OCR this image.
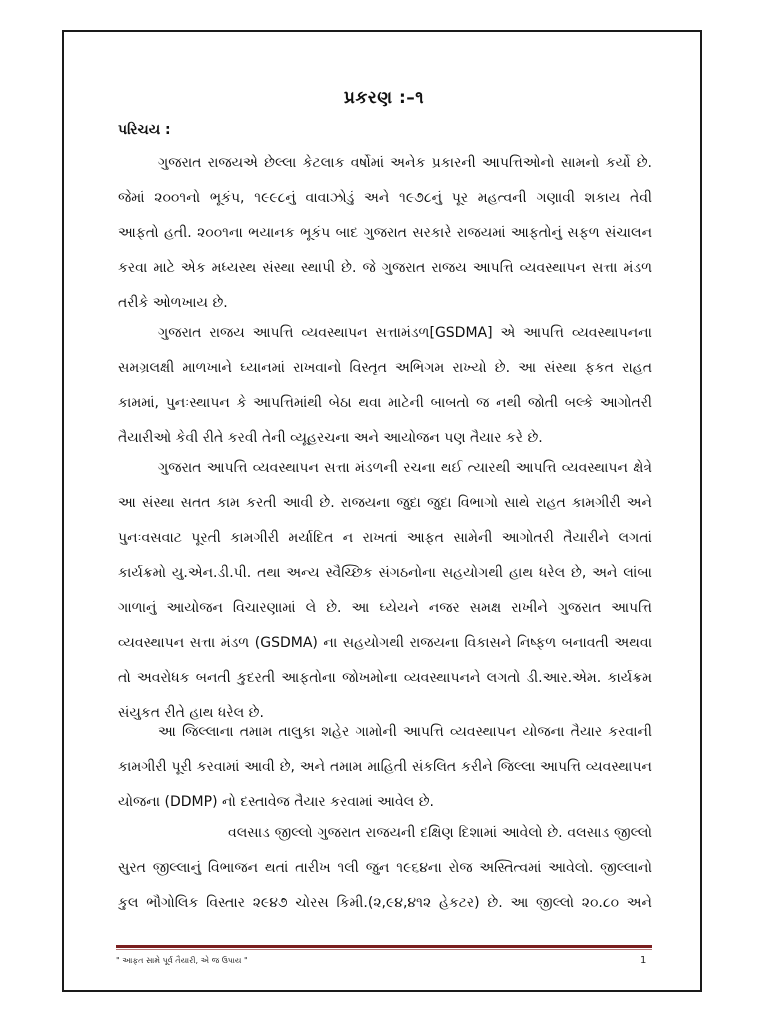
પ્રકરણ :–૧
પરિચય :
ગુજરાત રાજયએ છેલ્લા કેટલાક વર્ષોમાં અનેક પ્રકારની આપત્તિઓનો સામનો કર્યો છે.
જેમાં ૨૦૦૧નો ભૂકંપ, ૧૯૯૮નું વાવાઝોડું અને ૧૯૭૮નું પૂર મહત્વની ગણાવી શકાય તેવી
આફતો હતી. ૨૦૦૧ના ભયાનક ભૂકંપ બાદ ગુજરાત સરકારે રાજયમાં આફતોનું સફળ સંચાલન
કરવા માટે એક મધ્યસ્થ સંસ્થા સ્થાપી છે. જે ગુજરાત રાજય આપત્તિ વ્યવસ્થાપન સત્તા મંડળ
તરીકે ઓળખાય છે.
ગુજરાત રાજય આપત્તિ વ્યવસ્થાપન સત્તામંડળ[GSDMA] એ આપત્તિ વ્યવસ્થાપનના
સમગ્રલક્ષી માળખાને ઘ્યાનમાં રાખવાનો વિસ્તૃત અભિગમ રાખ્યો છે. આ સંસ્થા ફકત રાહત
કામમાં, પુનઃસ્થાપન કે આપત્તિમાંથી બેઠા થવા માટેની બાબતો જ નથી જોતી બલ્કે આગોતરી
તૈયારીઓ કેવી રીતે કરવી તેની વ્યૂહરચના અને આયોજન પણ તૈયાર કરે છે.
ગુજરાત આપત્તિ વ્યવસ્થાપન સત્તા મંડળની રચના થઈ ત્યારથી આપત્તિ વ્યવસ્થાપન ક્ષેત્રે
આ સંસ્થા સતત કામ કરતી આવી છે. રાજયના જુદા જુદા વિભાગો સાથે રાહત કામગીરી અને
પુનઃવસવાટ પૂરતી કામગીરી મર્યાદિત ન રાખતાં આફત સામેની આગોતરી તૈયારીને લગતાં
કાર્યક્રમો યુ.એન.ડી.પી. તથા અન્ય સ્વૈચ્છિક સંગઠનોના સહયોગથી હાથ ધરેલ છે, અને લાંબા
ગાળાનું આયોજન વિચારણામાં લે છે. આ ઘ્યેયને નજર સમક્ષ રાખીને ગુજરાત આપત્તિ
વ્યવસ્થાપન સત્તા મંડળ (GSDMA) ના સહયોગથી રાજયના વિકાસને નિષ્ફળ બનાવતી અથવા
તો અવરોધક બનતી કુદરતી આફતોના જોખમોના વ્યવસ્થાપનને લગતો ડી.આર.એમ. કાર્યક્રમ
સંયુકત રીતે હાથ ધરેલ છે.
આ જિલ્લાના તમામ તાલુકા શહેર ગામોની આપત્તિ વ્યવસ્થાપન યોજના તૈયાર કરવાની
કામગીરી પૂરી કરવામાં આવી છે, અને તમામ માહિતી સંકલિત કરીને જિલ્લા આપત્તિ વ્યવસ્થાપન
યોજના (DDMP) નો દસ્તાવેજ તૈયાર કરવામાં આવેલ છે.
વલસાડ જીલ્લો ગુજરાત રાજયની દક્ષિણ દિશામાં આવેલો છે. વલસાડ જીલ્લો
સુરત જીલ્લાનું વિભાજન થતાં તારીખ ૧લી જુન ૧૯૬૪ના રોજ અસ્તિત્વમાં આવેલો. જીલ્લાનો
કુલ ભૌગોલિક વિસ્તાર ૨૯૪૭ ચોરસ કિમી.(૨,૯૪,૪૧૨ હેકટર) છે. આ જીલ્લો ૨૦.૮૦ અને
" આફત સામે પૂર્વ તૈયારી, એ જ ઉપાય "	1
